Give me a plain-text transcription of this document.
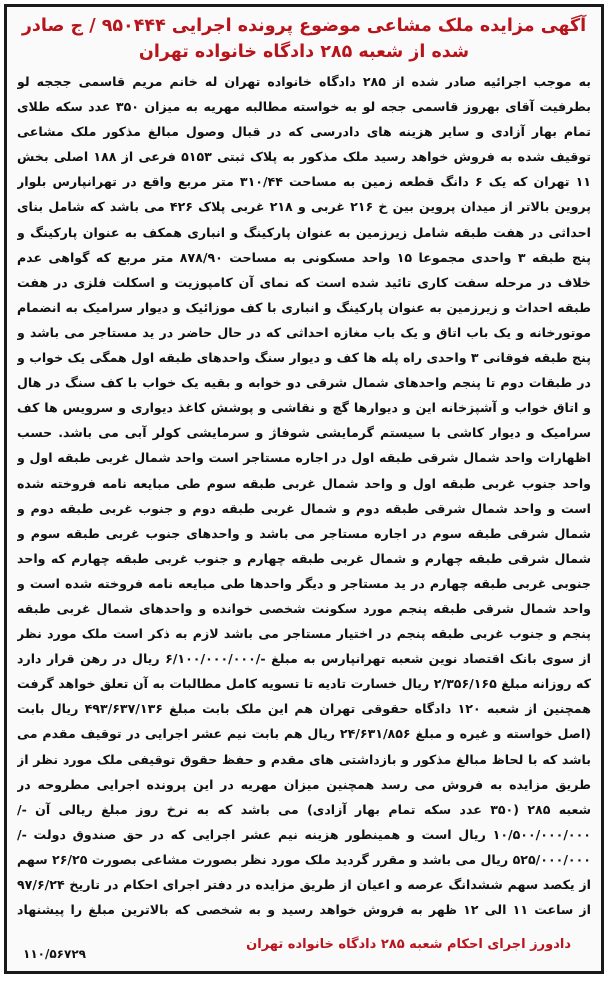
آگهی مزایده ملک مشاعی موضوع پرونده اجرایی ۹۵۰۴۴۴ / ج صادر شده از شعبه ۲۸۵ دادگاه خانواده تهران
به موجب اجرائیه صادر شده از ۲۸۵ دادگاه خانواده تهران له خانم مریم قاسمی جججه لو بطرفیت آقای بهروز قاسمی ججه لو به خواسته مطالبه مهریه به میزان ۳۵۰ عدد سکه طلای تمام بهار آزادی و سایر هزینه های دادرسی که در قبال وصول مبالغ مذکور ملک مشاعی توقیف شده به فروش خواهد رسید ملک مذکور به پلاک ثبتی ۵۱۵۳ فرعی از ۱۸۸ اصلی بخش ۱۱ تهران که یک ۶ دانگ قطعه زمین به مساحت ۳۱۰/۴۴ متر مربع واقع در تهرانپارس بلوار پروین بالاتر از میدان پروین بین خ ۲۱۶ غربی و ۲۱۸ غربی پلاک ۴۲۶ می باشد که شامل بنای احداثی در هفت طبقه شامل زیرزمین به عنوان پارکینگ و انباری همکف به عنوان پارکینگ و پنج طبقه ۳ واحدی مجموعا ۱۵ واحد مسکونی به مساحت ۸۷۸/۹۰ متر مربع که گواهی عدم خلاف در مرحله سفت کاری تائید شده است که نمای آن کامپوزیت و اسکلت فلزی در هفت طبقه احداث و زیرزمین به عنوان پارکینگ و انباری با کف موزائیک و دیوار سرامیک به انضمام موتورخانه و یک باب اتاق و یک باب مغازه احداثی که در حال حاضر در ید مستاجر می باشد و پنج طبقه فوقانی ۳ واحدی راه پله ها کف و دیوار سنگ واحدهای طبقه اول همگی یک خواب و در طبقات دوم تا پنجم واحدهای شمال شرقی دو خوابه و بقیه یک خواب با کف سنگ در هال و اتاق خواب و آشپزخانه این و دیوارها گچ و نقاشی و پوشش کاغذ دیواری و سرویس ها کف سرامیک و دیوار کاشی با سیستم گرمایشی شوفاژ و سرمایشی کولر آبی می باشد. حسب اظهارات واحد شمال شرقی طبقه اول در اجاره مستاجر است واحد شمال غربی طبقه اول و واحد جنوب غربی طبقه اول و واحد شمال غربی طبقه سوم طی مبایعه نامه فروخته شده است و واحد شمال شرقی طبقه دوم و شمال غربی طبقه دوم و جنوب غربی طبقه دوم و شمال شرقی طبقه سوم در اجاره مستاجر می باشد و واحدهای جنوب غربی طبقه سوم و شمال شرقی طبقه چهارم و شمال غربی طبقه چهارم و جنوب غربی طبقه چهارم که واحد جنوبی غربی طبقه چهارم در ید مستاجر و دیگر واحدها طی مبایعه نامه فروخته شده است و واحد شمال شرقی طبقه پنجم مورد سکونت شخصی خوانده و واحدهای شمال غربی طبقه پنجم و جنوب غربی طبقه پنجم در اختیار مستاجر می باشد لازم به ذکر است ملک مورد نظر از سوی بانک اقتصاد نوین شعبه تهرانپارس به مبلغ -/۶/۱۰۰/۰۰۰/۰۰۰ ریال در رهن قرار دارد که روزانه مبلغ ۲/۳۵۶/۱۶۵ ریال خسارت تادیه تا تسویه کامل مطالبات به آن تعلق خواهد گرفت همچنین از شعبه ۱۲۰ دادگاه حقوقی تهران هم این ملک بابت مبلغ ۴۹۳/۶۳۷/۱۳۶ ریال بابت (اصل خواسته و غیره و مبلغ ۲۴/۶۳۱/۸۵۶ ریال هم بابت نیم عشر اجرایی در توقیف مقدم می باشد که با لحاظ مبالغ مذکور و بازداشتی های مقدم و حفظ حقوق توقیفی ملک مورد نظر از طریق مزایده به فروش می رسد همچنین میزان مهریه در این پرونده اجرایی مطروحه در شعبه ۲۸۵ (۳۵۰ عدد سکه تمام بهار آزادی) می باشد که به نرخ روز مبلغ ریالی آن -/۱۰/۵۰۰/۰۰۰/۰۰۰ ریال است و همینطور هزینه نیم عشر اجرایی که در حق صندوق دولت -/۵۲۵/۰۰۰/۰۰۰ ریال می باشد و مقرر گردید ملک مورد نظر بصورت مشاعی بصورت ۲۶/۲۵ سهم از یکصد سهم ششدانگ عرصه و اعیان از طریق مزایده در دفتر اجرای احکام در تاریخ ۹۷/۶/۲۴ از ساعت ۱۱ الی ۱۲ ظهر به فروش خواهد رسید و به شخصی که بالاترین مبلغ را پیشنهاد
دادورز اجرای احکام شعبه ۲۸۵ دادگاه خانواده تهران
۱۱۰/۵۶۷۲۹
